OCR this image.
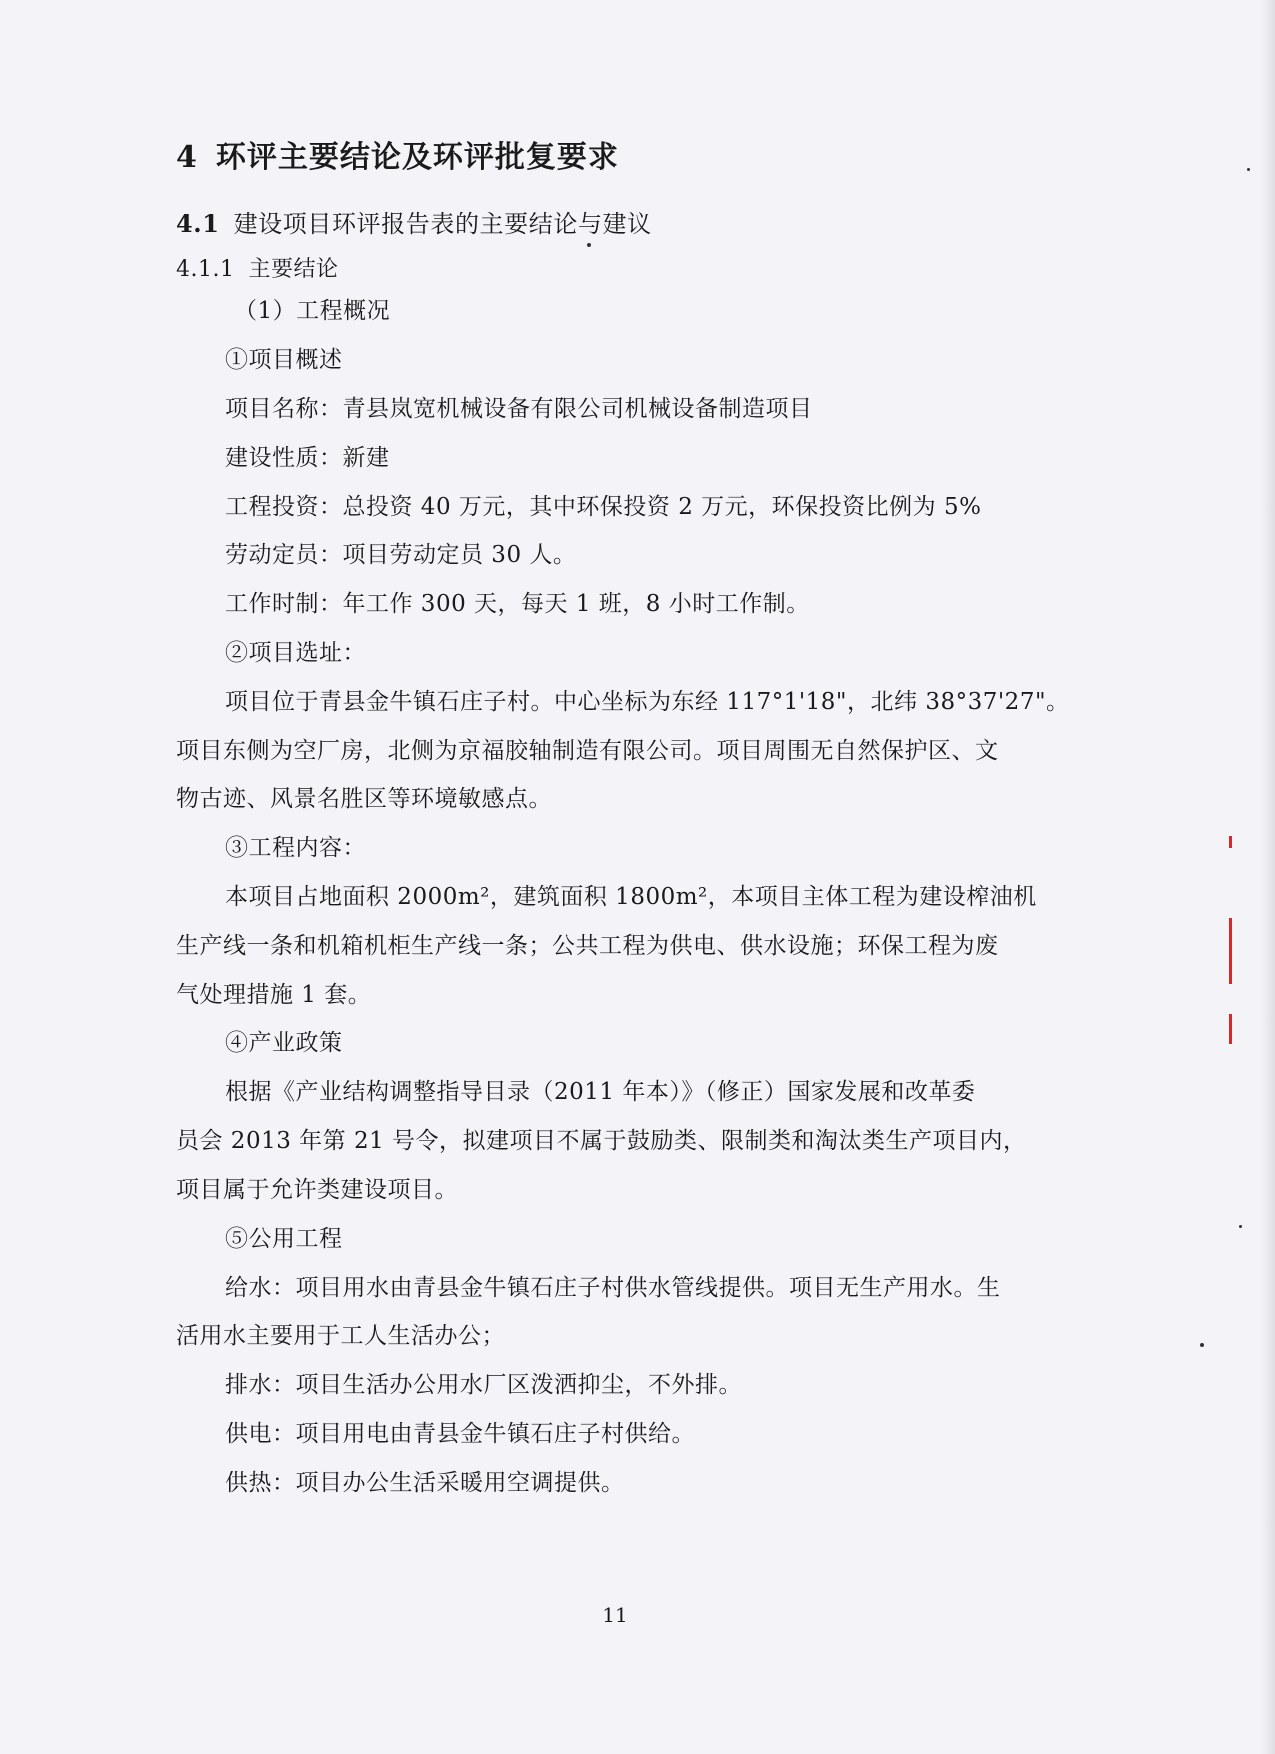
4 环评主要结论及环评批复要求
4.1 建设项目环评报告表的主要结论与建议
4.1.1 主要结论
（1）工程概况
①项目概述
项目名称：青县岚宽机械设备有限公司机械设备制造项目
建设性质：新建
工程投资：总投资 40 万元，其中环保投资 2 万元，环保投资比例为 5%
劳动定员：项目劳动定员 30 人。
工作时制：年工作 300 天，每天 1 班，8 小时工作制。
②项目选址：
项目位于青县金牛镇石庄子村。中心坐标为东经 117°1'18"，北纬 38°37'27"。
项目东侧为空厂房，北侧为京福胶轴制造有限公司。项目周围无自然保护区、文
物古迹、风景名胜区等环境敏感点。
③工程内容：
本项目占地面积 2000m²，建筑面积 1800m²，本项目主体工程为建设榨油机
生产线一条和机箱机柜生产线一条；公共工程为供电、供水设施；环保工程为废
气处理措施 1 套。
④产业政策
根据《产业结构调整指导目录（2011 年本）》（修正）国家发展和改革委
员会 2013 年第 21 号令，拟建项目不属于鼓励类、限制类和淘汰类生产项目内，
项目属于允许类建设项目。
⑤公用工程
给水：项目用水由青县金牛镇石庄子村供水管线提供。项目无生产用水。生
活用水主要用于工人生活办公；
排水：项目生活办公用水厂区泼洒抑尘，不外排。
供电：项目用电由青县金牛镇石庄子村供给。
供热：项目办公生活采暖用空调提供。
11
